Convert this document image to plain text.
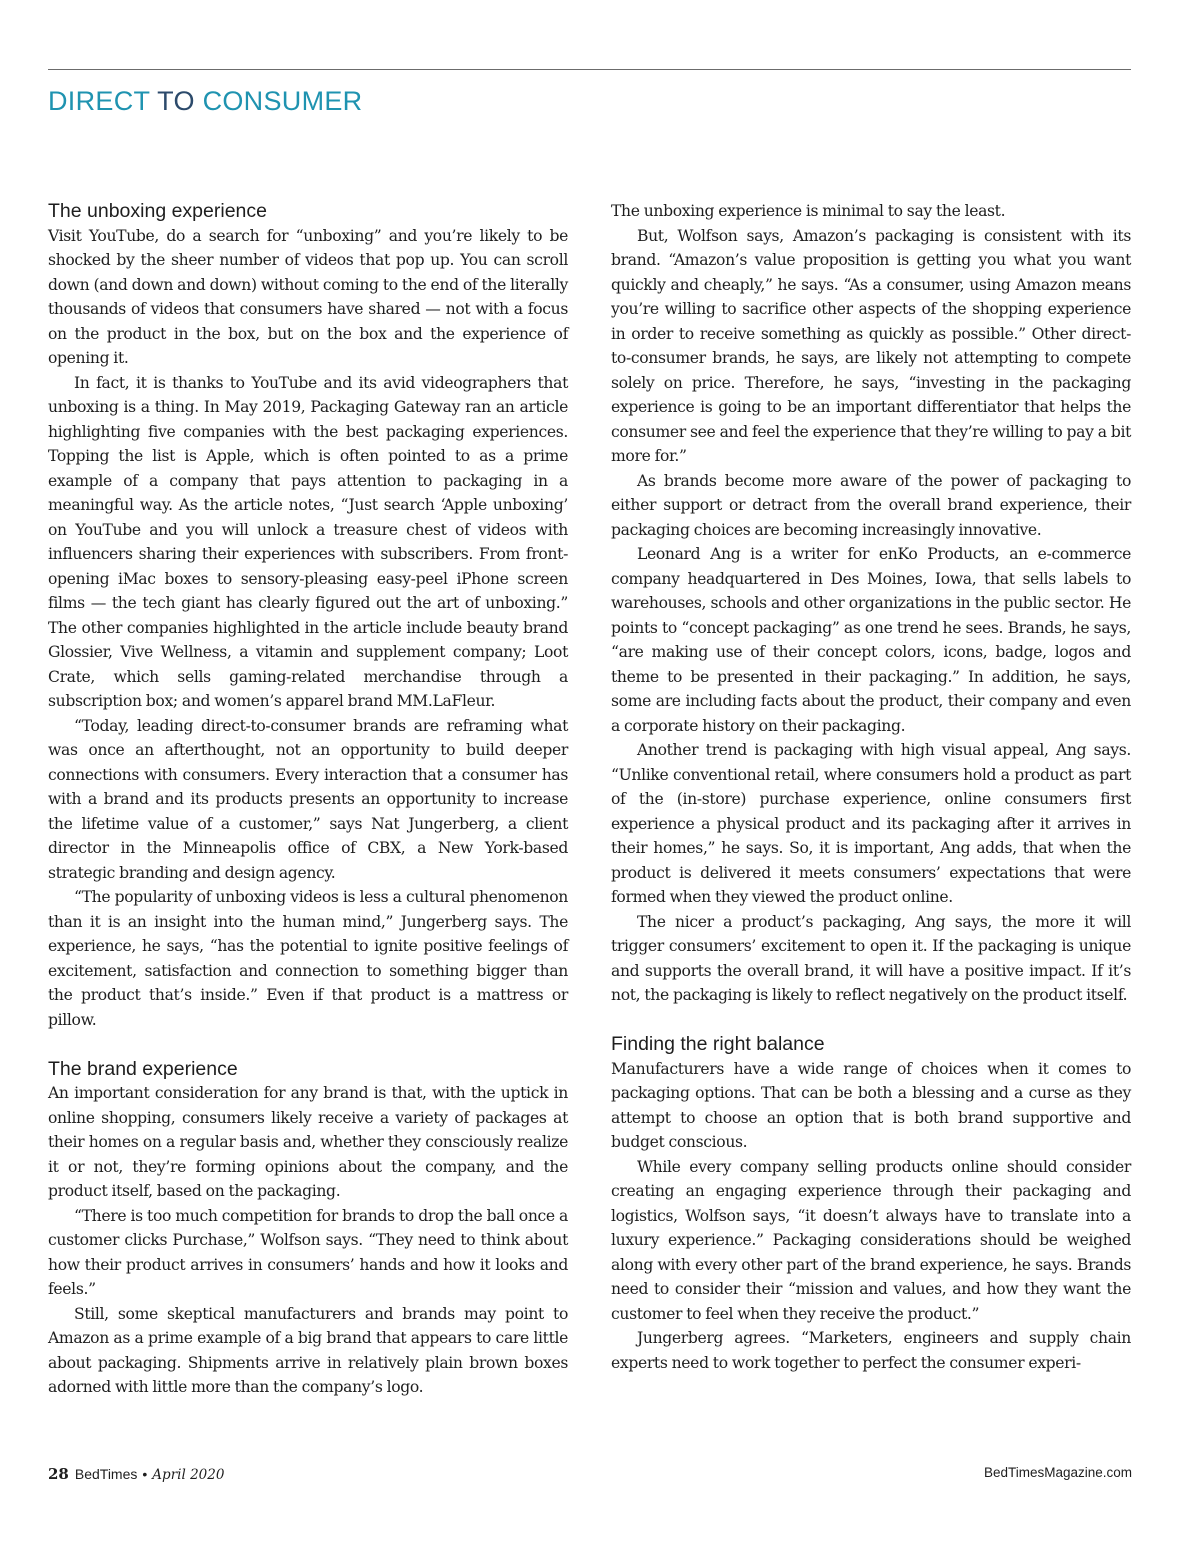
DIRECT TO CONSUMER
The unboxing experience

Visit YouTube, do a search for “unboxing” and you’re likely to be shocked by the sheer number of videos that pop up. You can scroll down (and down and down) without coming to the end of the literally thousands of videos that consumers have shared — not with a focus on the product in the box, but on the box and the experience of opening it.

In fact, it is thanks to YouTube and its avid videographers that unboxing is a thing. In May 2019, Packaging Gateway ran an article highlighting five companies with the best packaging experiences. Topping the list is Apple, which is often pointed to as a prime example of a company that pays attention to packaging in a meaningful way. As the article notes, “Just search ‘Apple unboxing’ on YouTube and you will unlock a treasure chest of videos with influencers sharing their experiences with subscribers. From front-opening iMac boxes to sensory-pleasing easy-peel iPhone screen films — the tech giant has clearly figured out the art of unboxing.” The other companies highlighted in the article include beauty brand Glossier, Vive Wellness, a vitamin and supplement company; Loot Crate, which sells gaming-related merchandise through a subscription box; and women’s apparel brand MM.LaFleur.

“Today, leading direct-to-consumer brands are reframing what was once an afterthought, not an opportunity to build deeper connections with consumers. Every interaction that a consumer has with a brand and its products presents an opportunity to increase the lifetime value of a customer,” says Nat Jungerberg, a client director in the Minneapolis office of CBX, a New York-based strategic branding and design agency.

“The popularity of unboxing videos is less a cultural phenomenon than it is an insight into the human mind,” Jungerberg says. The experience, he says, “has the potential to ignite positive feelings of excitement, satisfaction and connection to something bigger than the product that’s inside.” Even if that product is a mattress or pillow.

The brand experience

An important consideration for any brand is that, with the uptick in online shopping, consumers likely receive a variety of packages at their homes on a regular basis and, whether they consciously realize it or not, they’re forming opinions about the company, and the product itself, based on the packaging.

“There is too much competition for brands to drop the ball once a customer clicks Purchase,” Wolfson says. “They need to think about how their product arrives in consumers’ hands and how it looks and feels.”

Still, some skeptical manufacturers and brands may point to Amazon as a prime example of a big brand that appears to care little about packaging. Shipments arrive in relatively plain brown boxes adorned with little more than the company’s logo.

The unboxing experience is minimal to say the least.

But, Wolfson says, Amazon’s packaging is consistent with its brand. “Amazon’s value proposition is getting you what you want quickly and cheaply,” he says. “As a consumer, using Amazon means you’re willing to sacrifice other aspects of the shopping experience in order to receive something as quickly as possible.” Other direct-to-consumer brands, he says, are likely not attempting to compete solely on price. Therefore, he says, “investing in the packaging experience is going to be an important differentiator that helps the consumer see and feel the experience that they’re willing to pay a bit more for.”

As brands become more aware of the power of packaging to either support or detract from the overall brand experience, their packaging choices are becoming increasingly innovative.

Leonard Ang is a writer for enKo Products, an e-commerce company headquartered in Des Moines, Iowa, that sells labels to warehouses, schools and other organizations in the public sector. He points to “concept packaging” as one trend he sees. Brands, he says, “are making use of their concept colors, icons, badge, logos and theme to be presented in their packaging.” In addition, he says, some are including facts about the product, their company and even a corporate history on their packaging.

Another trend is packaging with high visual appeal, Ang says. “Unlike conventional retail, where consumers hold a product as part of the (in-store) purchase experience, online consumers first experience a physical product and its packaging after it arrives in their homes,” he says. So, it is important, Ang adds, that when the product is delivered it meets consumers’ expectations that were formed when they viewed the product online.

The nicer a product’s packaging, Ang says, the more it will trigger consumers’ excitement to open it. If the packaging is unique and supports the overall brand, it will have a positive impact. If it’s not, the packaging is likely to reflect negatively on the product itself.

Finding the right balance

Manufacturers have a wide range of choices when it comes to packaging options. That can be both a blessing and a curse as they attempt to choose an option that is both brand supportive and budget conscious.

While every company selling products online should consider creating an engaging experience through their packaging and logistics, Wolfson says, “it doesn’t always have to translate into a luxury experience.” Packaging considerations should be weighed along with every other part of the brand experience, he says. Brands need to consider their “mission and values, and how they want the customer to feel when they receive the product.”

Jungerberg agrees. “Marketers, engineers and supply chain experts need to work together to perfect the consumer experi-

28 BedTimes • April 2020	BedTimesMagazine.com
